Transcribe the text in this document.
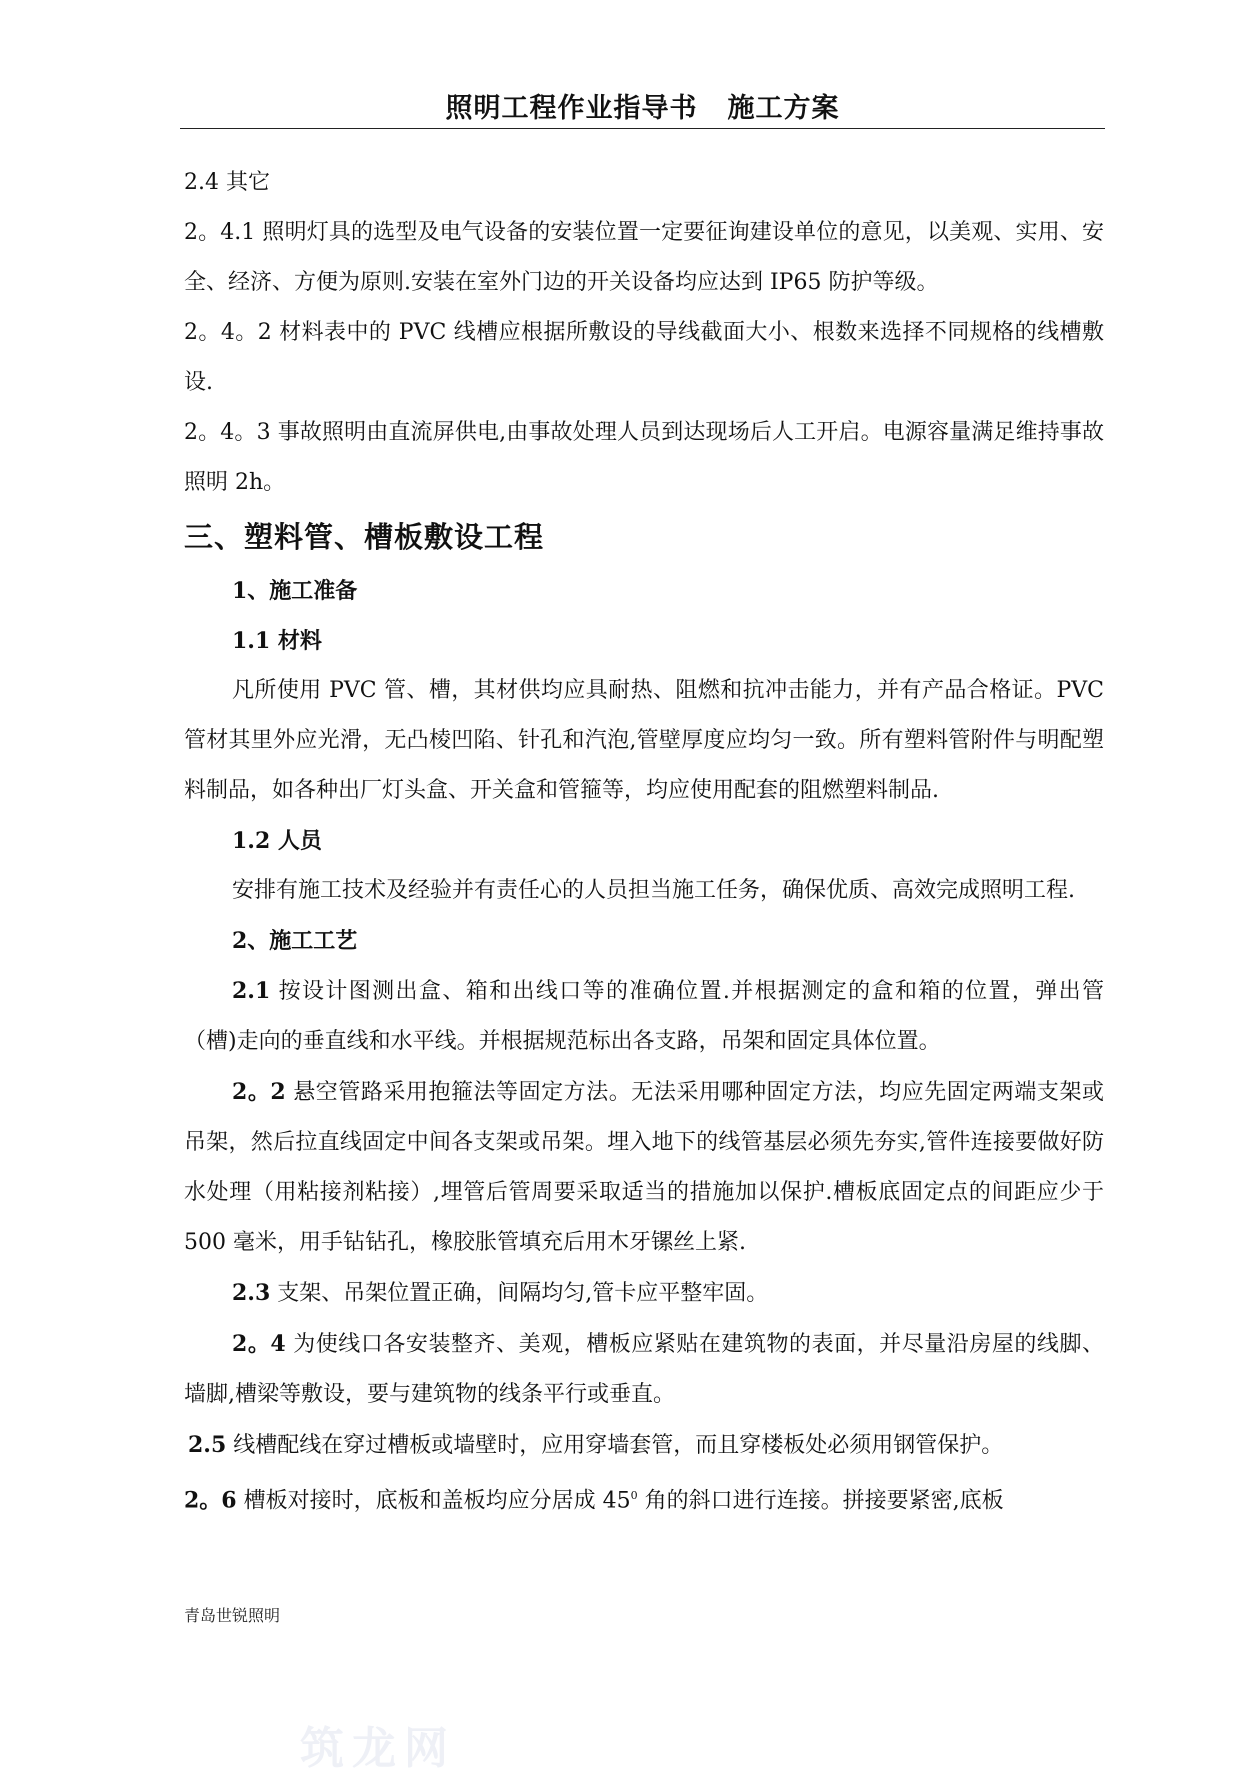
照明工程作业指导书 施工方案

2.4 其它

2。4.1 照明灯具的选型及电气设备的安装位置一定要征询建设单位的意见，以美观、实用、安全、经济、方便为原则.安装在室外门边的开关设备均应达到 IP65 防护等级。

2。4。2 材料表中的 PVC 线槽应根据所敷设的导线截面大小、根数来选择不同规格的线槽敷设.

2。4。3 事故照明由直流屏供电,由事故处理人员到达现场后人工开启。电源容量满足维持事故照明 2h。

三、塑料管、槽板敷设工程

1、施工准备

1.1 材料

凡所使用 PVC 管、槽，其材供均应具耐热、阻燃和抗冲击能力，并有产品合格证。PVC 管材其里外应光滑，无凸棱凹陷、针孔和汽泡,管壁厚度应均匀一致。所有塑料管附件与明配塑料制品，如各种出厂灯头盒、开关盒和管箍等，均应使用配套的阻燃塑料制品.

1.2 人员

安排有施工技术及经验并有责任心的人员担当施工任务，确保优质、高效完成照明工程.

2、施工工艺

2.1 按设计图测出盒、箱和出线口等的准确位置.并根据测定的盒和箱的位置，弹出管（槽)走向的垂直线和水平线。并根据规范标出各支路，吊架和固定具体位置。

2。2 悬空管路采用抱箍法等固定方法。无法采用哪种固定方法，均应先固定两端支架或吊架，然后拉直线固定中间各支架或吊架。埋入地下的线管基层必须先夯实,管件连接要做好防水处理（用粘接剂粘接）,埋管后管周要采取适当的措施加以保护.槽板底固定点的间距应少于 500 毫米，用手钻钻孔，橡胶胀管填充后用木牙镙丝上紧.

2.3 支架、吊架位置正确，间隔均匀,管卡应平整牢固。

2。4 为使线口各安装整齐、美观，槽板应紧贴在建筑物的表面，并尽量沿房屋的线脚、墙脚,槽梁等敷设，要与建筑物的线条平行或垂直。

2.5 线槽配线在穿过槽板或墙壁时，应用穿墙套管，而且穿楼板处必须用钢管保护。

2。6 槽板对接时，底板和盖板均应分居成 $45^0$ 角的斜口进行连接。拼接要紧密,底板

青岛世锐照明
筑龙网
